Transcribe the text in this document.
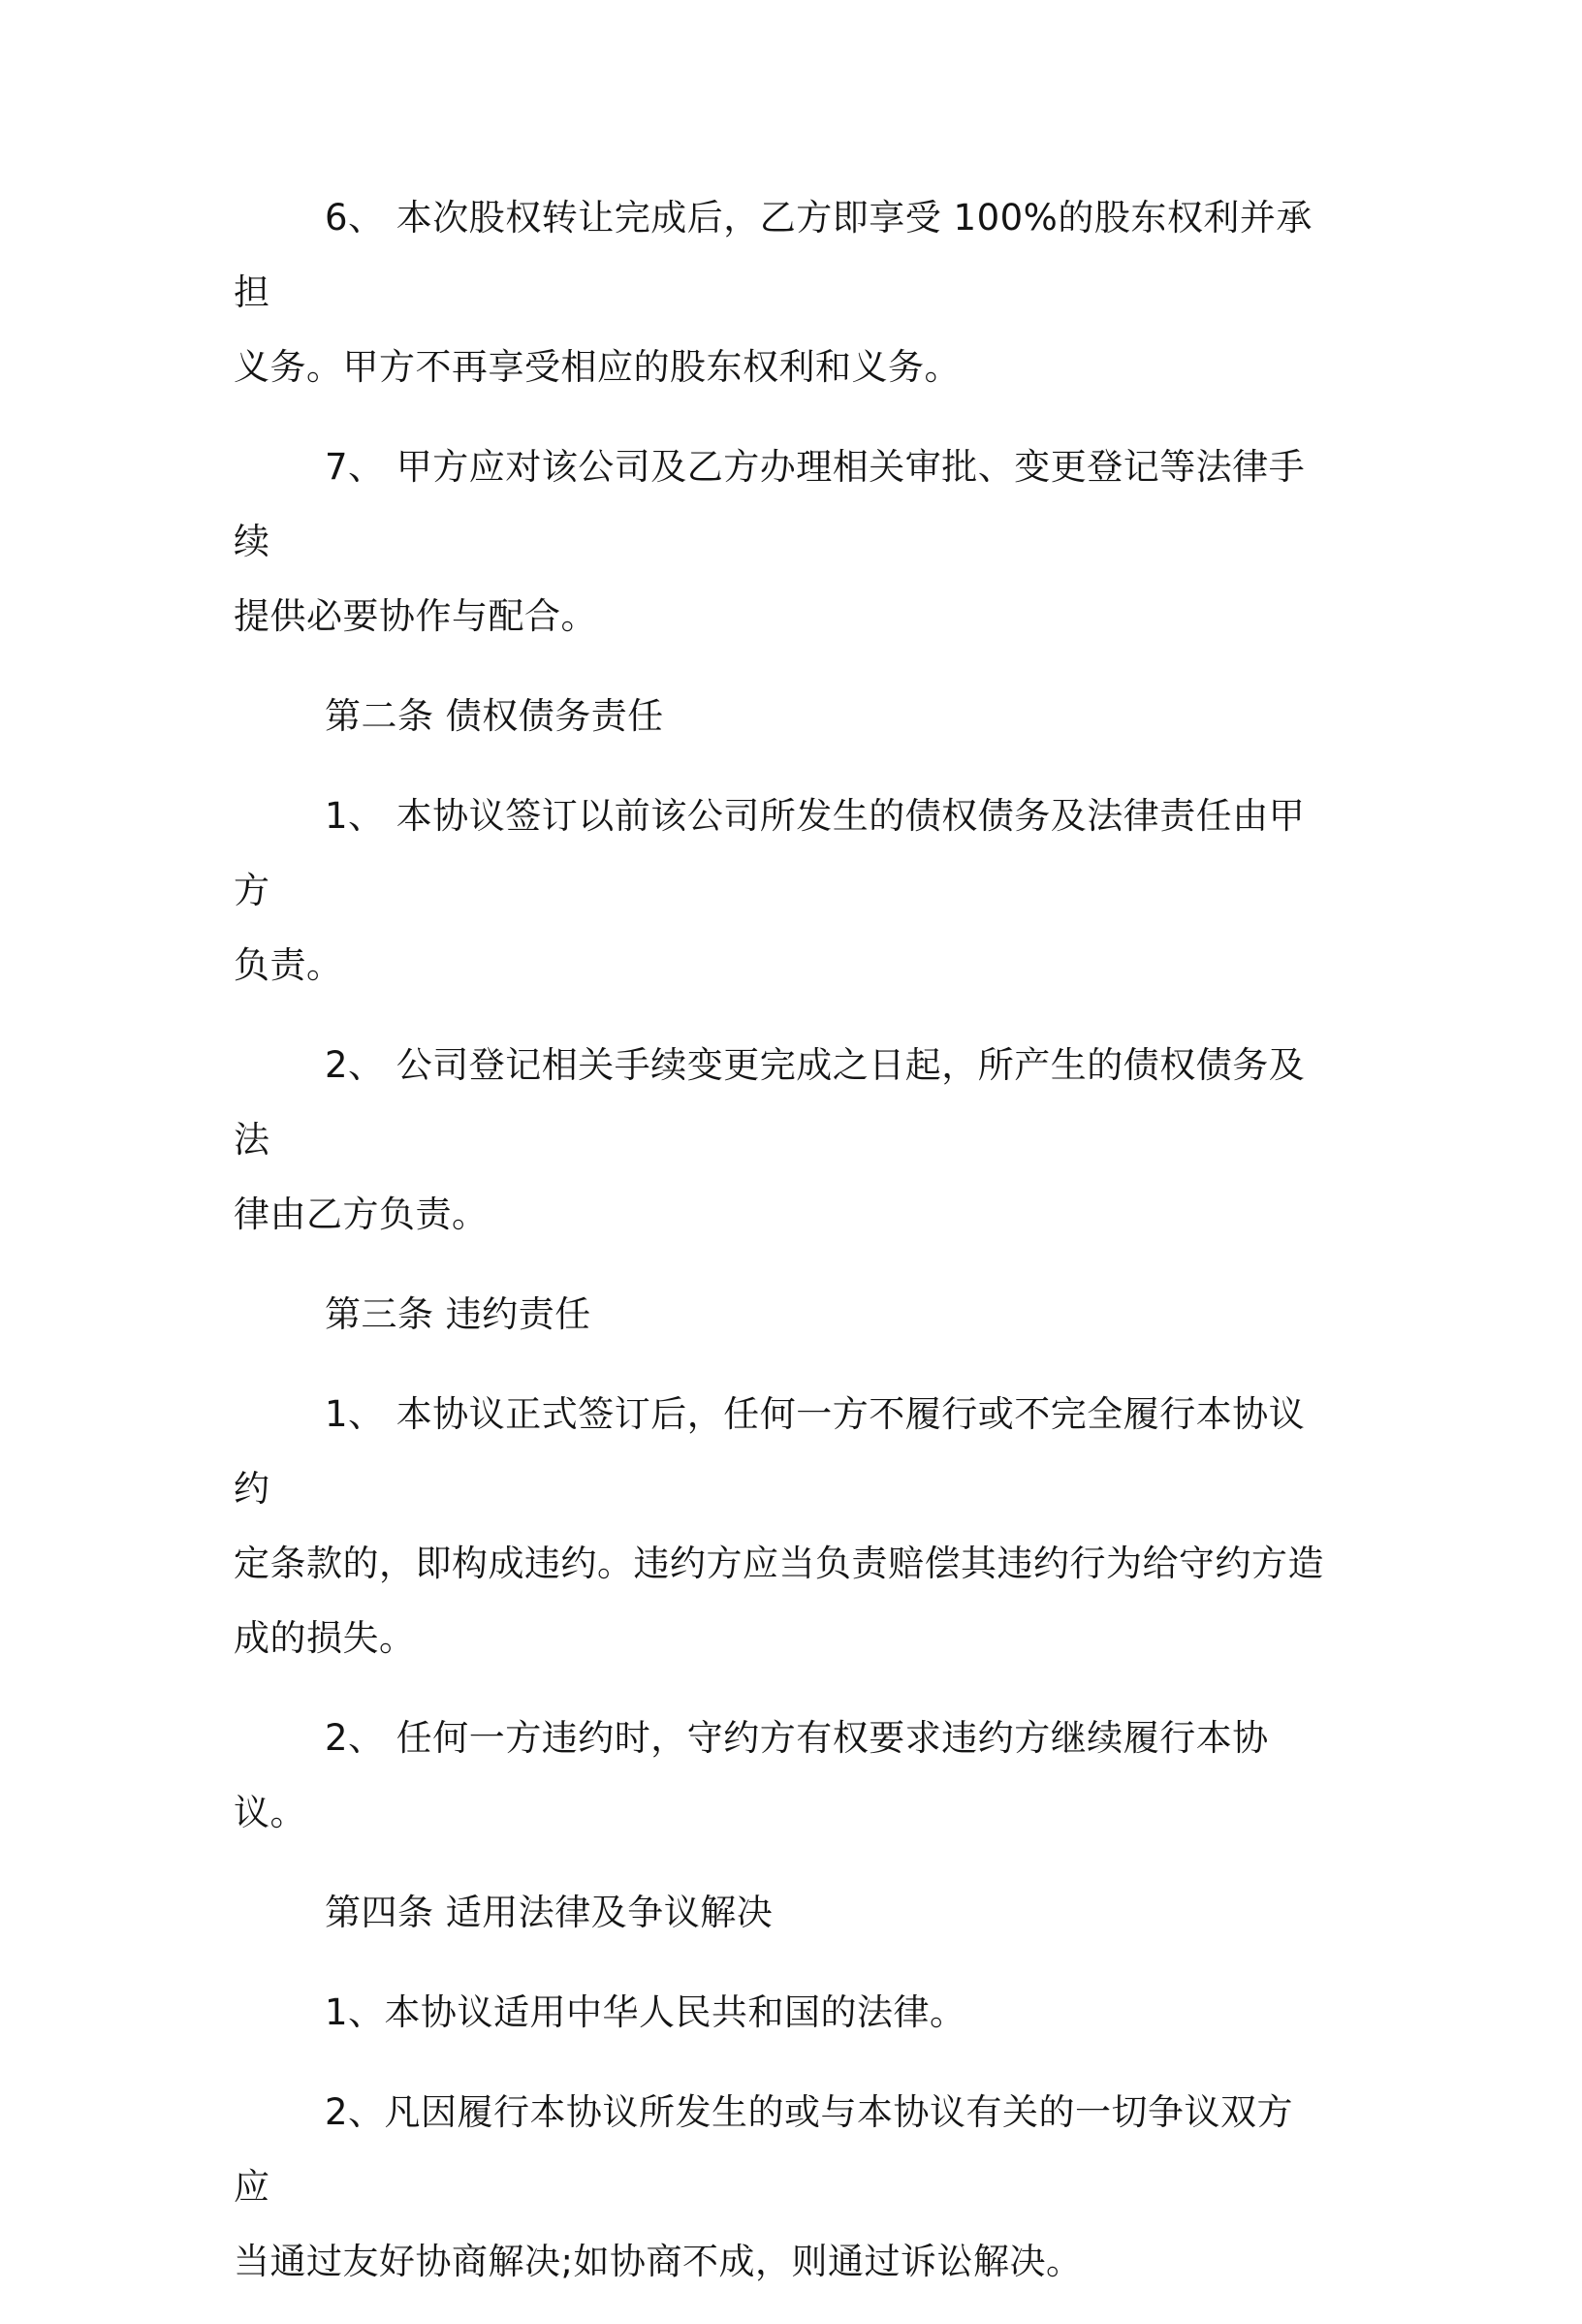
6、 本次股权转让完成后，乙方即享受 100%的股东权利并承担
义务。甲方不再享受相应的股东权利和义务。

7、 甲方应对该公司及乙方办理相关审批、变更登记等法律手续
提供必要协作与配合。

第二条 债权债务责任

1、 本协议签订以前该公司所发生的债权债务及法律责任由甲方
负责。

2、 公司登记相关手续变更完成之日起，所产生的债权债务及法
律由乙方负责。

第三条 违约责任

1、 本协议正式签订后，任何一方不履行或不完全履行本协议约
定条款的，即构成违约。违约方应当负责赔偿其违约行为给守约方造
成的损失。

2、 任何一方违约时，守约方有权要求违约方继续履行本协议。

第四条 适用法律及争议解决

1、本协议适用中华人民共和国的法律。

2、凡因履行本协议所发生的或与本协议有关的一切争议双方应
当通过友好协商解决;如协商不成，则通过诉讼解决。
